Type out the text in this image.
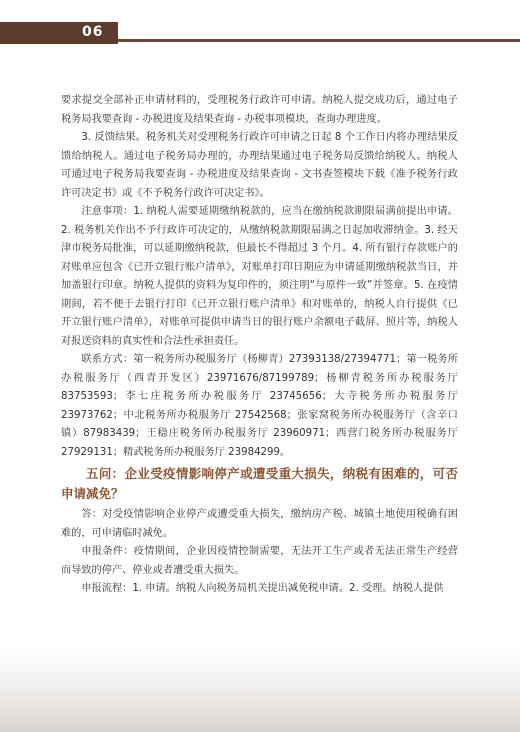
06

要求提交全部补正申请材料的，受理税务行政许可申请。纳税人提交成功后，通过电子税务局我要查询 - 办税进度及结果查询 - 办税事项模块，查询办理进度。

3. 反馈结果。税务机关对受理税务行政许可申请之日起 8 个工作日内将办理结果反馈给纳税人。通过电子税务局办理的，办理结果通过电子税务局反馈给纳税人。纳税人可通过电子税务局我要查询 - 办税进度及结果查询 - 文书查签模块下载《准予税务行政许可决定书》或《不予税务行政许可决定书》。

注意事项：1. 纳税人需要延期缴纳税款的，应当在缴纳税款期限届满前提出申请。2. 税务机关作出不予行政许可决定的，从缴纳税款期限届满之日起加收滞纳金。3. 经天津市税务局批准，可以延期缴纳税款，但最长不得超过 3 个月。4. 所有银行存款账户的对账单应包含《已开立银行账户清单》，对账单打印日期应为申请延期缴纳税款当日，并加盖银行印章。纳税人提供的资料为复印件的，须注明“与原件一致”并签章。5. 在疫情期间，若不便于去银行打印《已开立银行账户清单》和对账单的，纳税人自行提供《已开立银行账户清单》，对账单可提供申请当日的银行账户余额电子截屏、照片等，纳税人对报送资料的真实性和合法性承担责任。

联系方式：第一税务所办税服务厅（杨柳青）27393138/27394771；第一税务所办税服务厅（西青开发区）23971676/87199789；杨柳青税务所办税服务厅 83753593；李七庄税务所办税服务厅 23745656；大寺税务所办税服务厅 23973762；中北税务所办税服务厅 27542568；张家窝税务所办税服务厅（含辛口镇）87983439；王稳庄税务所办税服务厅 23960971；西营门税务所办税服务厅 27929131；精武税务所办税服务厅 23984299。

五问：企业受疫情影响停产或遭受重大损失，纳税有困难的，可否申请减免？

答：对受疫情影响企业停产或遭受重大损失，缴纳房产税、城镇土地使用税确有困难的，可申请临时减免。

申报条件：疫情期间，企业因疫情控制需要，无法开工生产或者无法正常生产经营而导致的停产、停业或者遭受重大损失。

申报流程：1. 申请。纳税人向税务局机关提出减免税申请。2. 受理。纳税人提供
